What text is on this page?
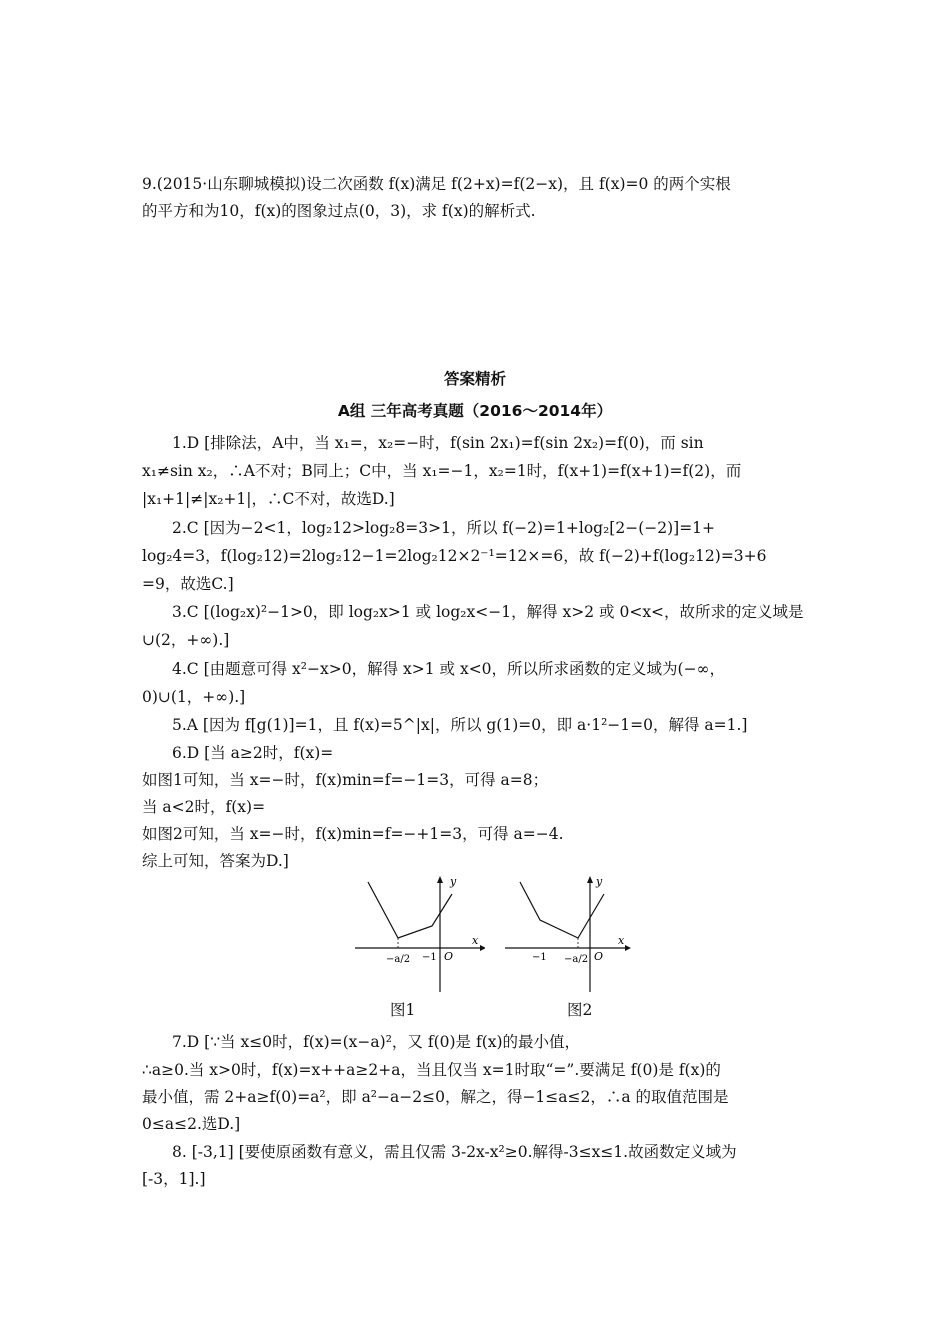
9.(2015·山东聊城模拟)设二次函数 f(x)满足 f(2+x)=f(2−x)，且 f(x)=0 的两个实根
的平方和为10，f(x)的图象过点(0，3)，求 f(x)的解析式.
答案精析
A组 三年高考真题（2016～2014年）
1.D [排除法，A中，当 x₁=，x₂=−时，f(sin 2x₁)=f(sin 2x₂)=f(0)，而 sin
x₁≠sin x₂，∴A不对；B同上；C中，当 x₁=−1，x₂=1时，f(x+1)=f(x+1)=f(2)，而
|x₁+1|≠|x₂+1|，∴C不对，故选D.]
2.C [因为−2<1，log₂12>log₂8=3>1，所以 f(−2)=1+log₂[2−(−2)]=1+
log₂4=3，f(log₂12)=2log₂12−1=2log₂12×2⁻¹=12×=6，故 f(−2)+f(log₂12)=3+6
=9，故选C.]
3.C [(log₂x)²−1>0，即 log₂x>1 或 log₂x<−1，解得 x>2 或 0<x<，故所求的定义域是
∪(2，+∞).]
4.C [由题意可得 x²−x>0，解得 x>1 或 x<0，所以所求函数的定义域为(−∞，
0)∪(1，+∞).]
5.A [因为 f[g(1)]=1，且 f(x)=5^|x|，所以 g(1)=0，即 a·1²−1=0，解得 a=1.]
6.D [当 a≥2时，f(x)=
如图1可知，当 x=−时，f(x)min=f=−1=3，可得 a=8；
当 a<2时，f(x)=
如图2可知，当 x=−时，f(x)min=f=−+1=3，可得 a=−4.
综上可知，答案为D.]
y
x
O
−a/2 −1
图1
y
x
O
−1 −a/2
图2
7.D [∵当 x≤0时，f(x)=(x−a)²，又 f(0)是 f(x)的最小值，
∴a≥0.当 x>0时，f(x)=x++a≥2+a，当且仅当 x=1时取“=”.要满足 f(0)是 f(x)的
最小值，需 2+a≥f(0)=a²，即 a²−a−2≤0，解之，得−1≤a≤2，∴a 的取值范围是
0≤a≤2.选D.]
8. [-3,1] [要使原函数有意义，需且仅需 3-2x-x²≥0.解得-3≤x≤1.故函数定义域为
[-3，1].]
